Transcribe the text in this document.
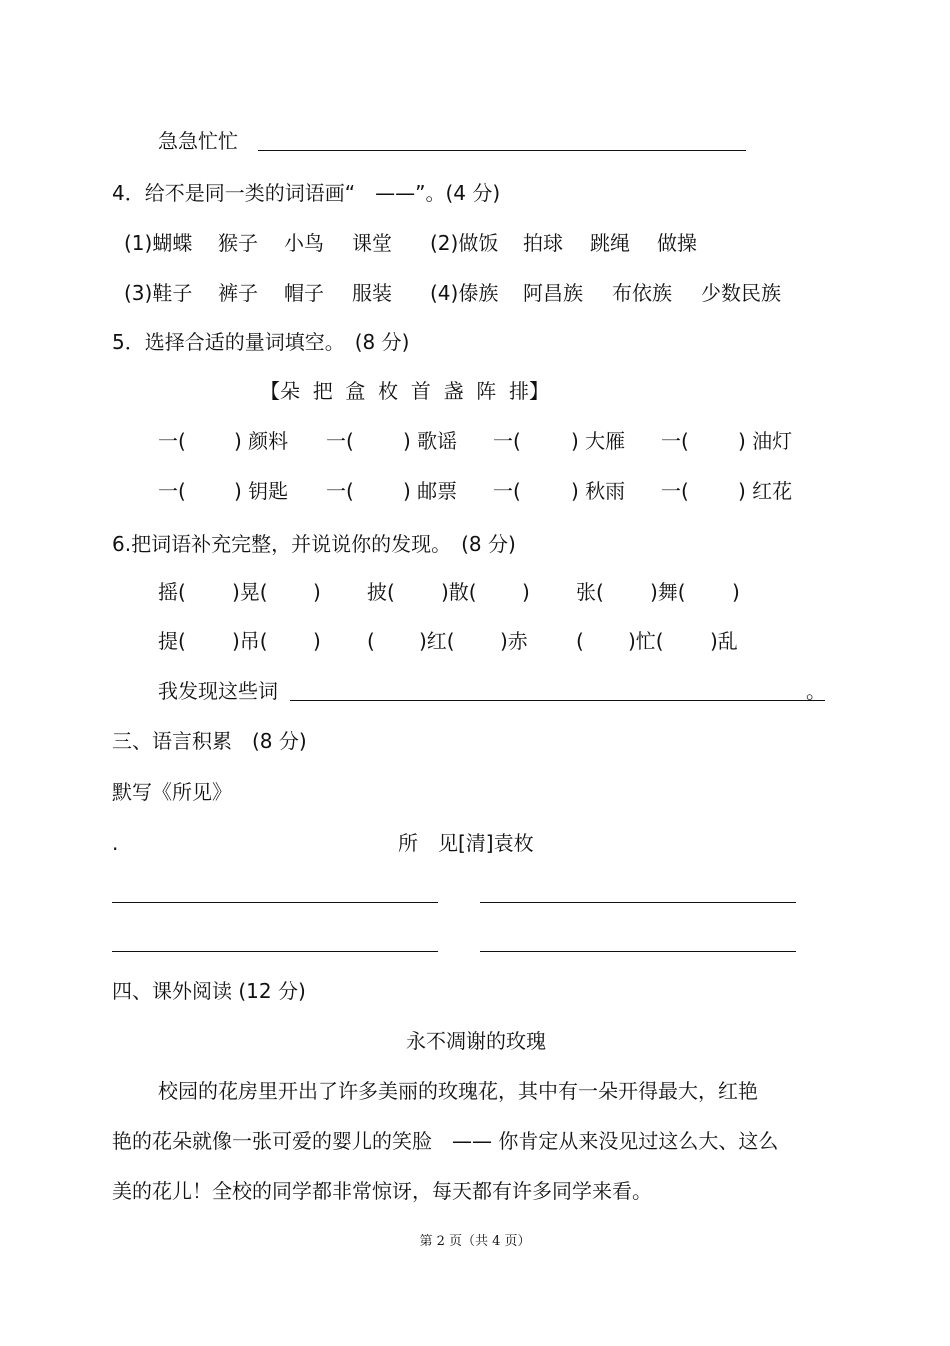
急急忙忙
4．给不是同一类的词语画“　——”。(4 分)
(1)蝴蝶 猴子 小鸟 课堂 (2)做饭 拍球 跳绳 做操
(3)鞋子 裤子 帽子 服装 (4)傣族 阿昌族 布依族 少数民族
5．选择合适的量词填空。　(8 分)
【朵  把  盒  枚  首  盏  阵  排】
一( ) 颜料 一( ) 歌谣 一(	) 大雁 一( ) 油灯
一( ) 钥匙 一( ) 邮票 一(	) 秋雨 一( ) 红花
6.把词语补充完整，并说说你的发现。　(8 分)
摇( )晃( ) 披( )散( ) 张( )舞( )
提( )吊( ) ( )红( )赤 ( )忙( )乱
我发现这些词	。
三、语言积累　(8 分)
默写《所见》
.	所　见[清]袁枚
四、课外阅读 (12 分)
永不凋谢的玫瑰
校园的花房里开出了许多美丽的玫瑰花，其中有一朵开得最大，红艳
艳的花朵就像一张可爱的婴儿的笑脸　—— 你肯定从来没见过这么大、这么
美的花儿！全校的同学都非常惊讶，每天都有许多同学来看。
第 2 页（共 4 页）
